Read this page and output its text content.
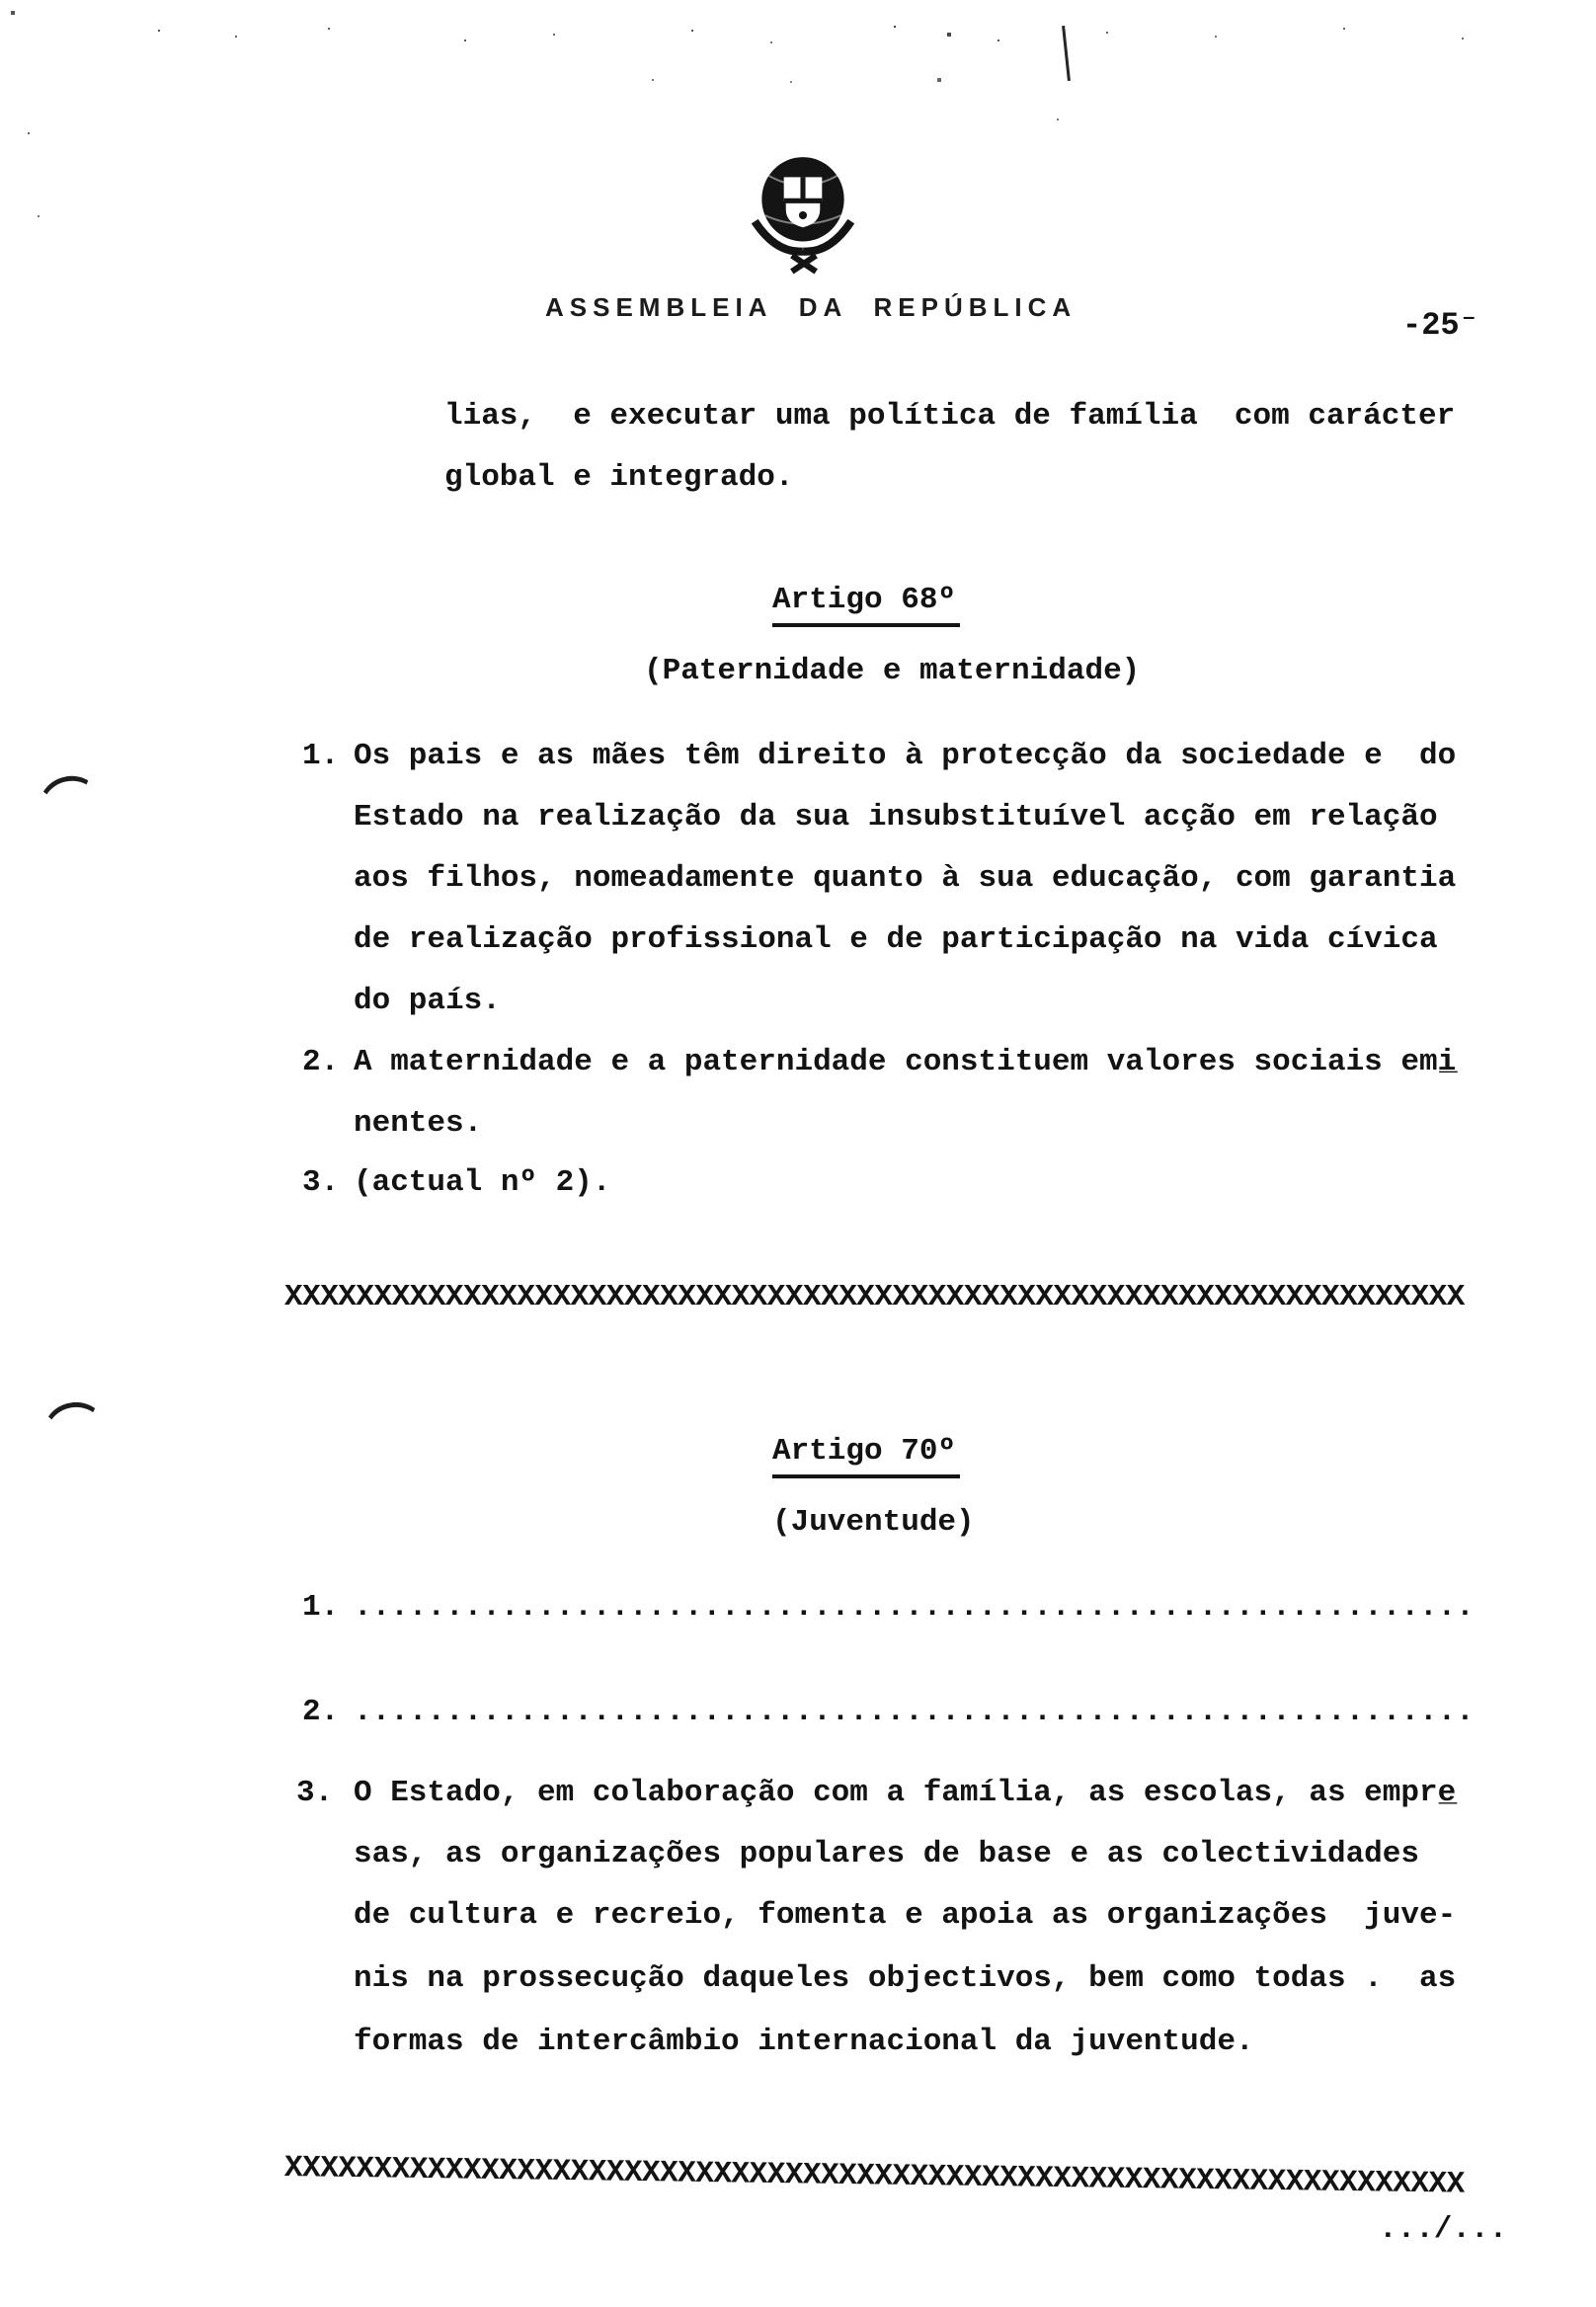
ASSEMBLEIA DA REPÚBLICA	-25⁻
lias,  e executar uma política de família  com carácter
global e integrado.
Artigo 68º
(Paternidade e maternidade)
1. Os pais e as mães têm direito à protecção da sociedade e  do
Estado na realização da sua insubstituível acção em relação
aos filhos, nomeadamente quanto à sua educação, com garantia
de realização profissional e de participação na vida cívica
do país.
2. A maternidade e a paternidade constituem valores sociais emi̲
nentes.
3. (actual nº 2).
XXXXXXXXXXXXXXXXXXXXXXXXXXXXXXXXXXXXXXXXXXXXXXXXXXXXXXXXXXXXXXXXXX
Artigo 70º
(Juventude)
1. .............................................................
2. .............................................................
3. O Estado, em colaboração com a família, as escolas, as empre̲
sas, as organizações populares de base e as colectividades
de cultura e recreio, fomenta e apoia as organizações  juve-
nis na prossecução daqueles objectivos, bem como todas .  as
formas de intercâmbio internacional da juventude.
XXXXXXXXXXXXXXXXXXXXXXXXXXXXXXXXXXXXXXXXXXXXXXXXXXXXXXXXXXXXXXXXXX
.../...
